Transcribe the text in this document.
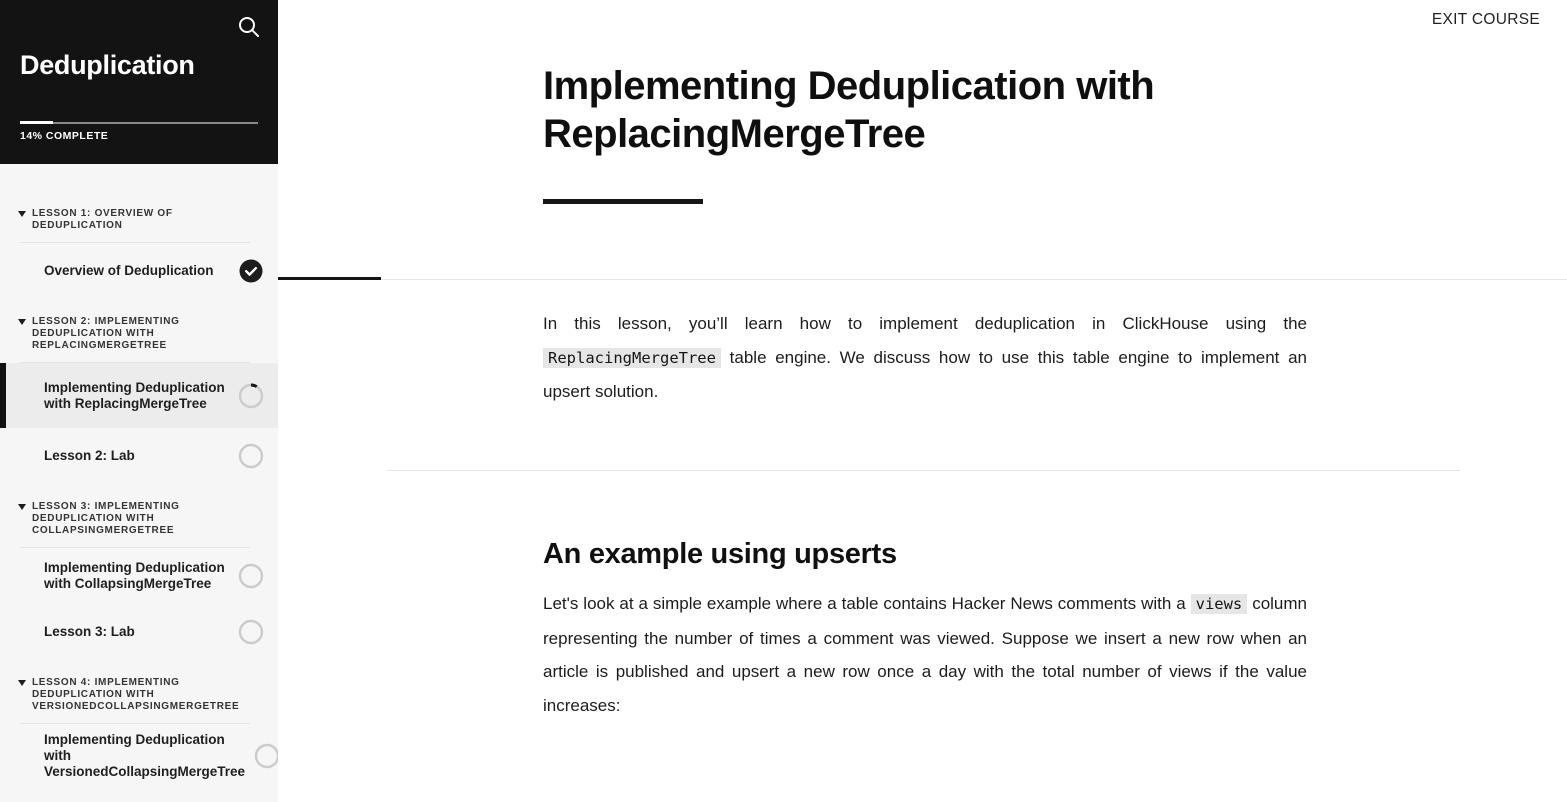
Deduplication
14% COMPLETE
LESSON 1: OVERVIEW OF DEDUPLICATION
Overview of Deduplication
LESSON 2: IMPLEMENTING DEDUPLICATION WITH REPLACINGMERGETREE
Implementing Deduplication with ReplacingMergeTree
Lesson 2: Lab
LESSON 3: IMPLEMENTING DEDUPLICATION WITH COLLAPSINGMERGETREE
Implementing Deduplication with CollapsingMergeTree
Lesson 3: Lab
LESSON 4: IMPLEMENTING DEDUPLICATION WITH VERSIONEDCOLLAPSINGMERGETREE
Implementing Deduplication with VersionedCollapsingMergeTree
EXIT COURSE
Implementing Deduplication with ReplacingMergeTree

In this lesson, you’ll learn how to implement deduplication in ClickHouse using the ReplacingMergeTree table engine. We discuss how to use this table engine to implement an upsert solution.

An example using upserts

Let's look at a simple example where a table contains Hacker News comments with a views column representing the number of times a comment was viewed. Suppose we insert a new row when an article is published and upsert a new row once a day with the total number of views if the value increases:
